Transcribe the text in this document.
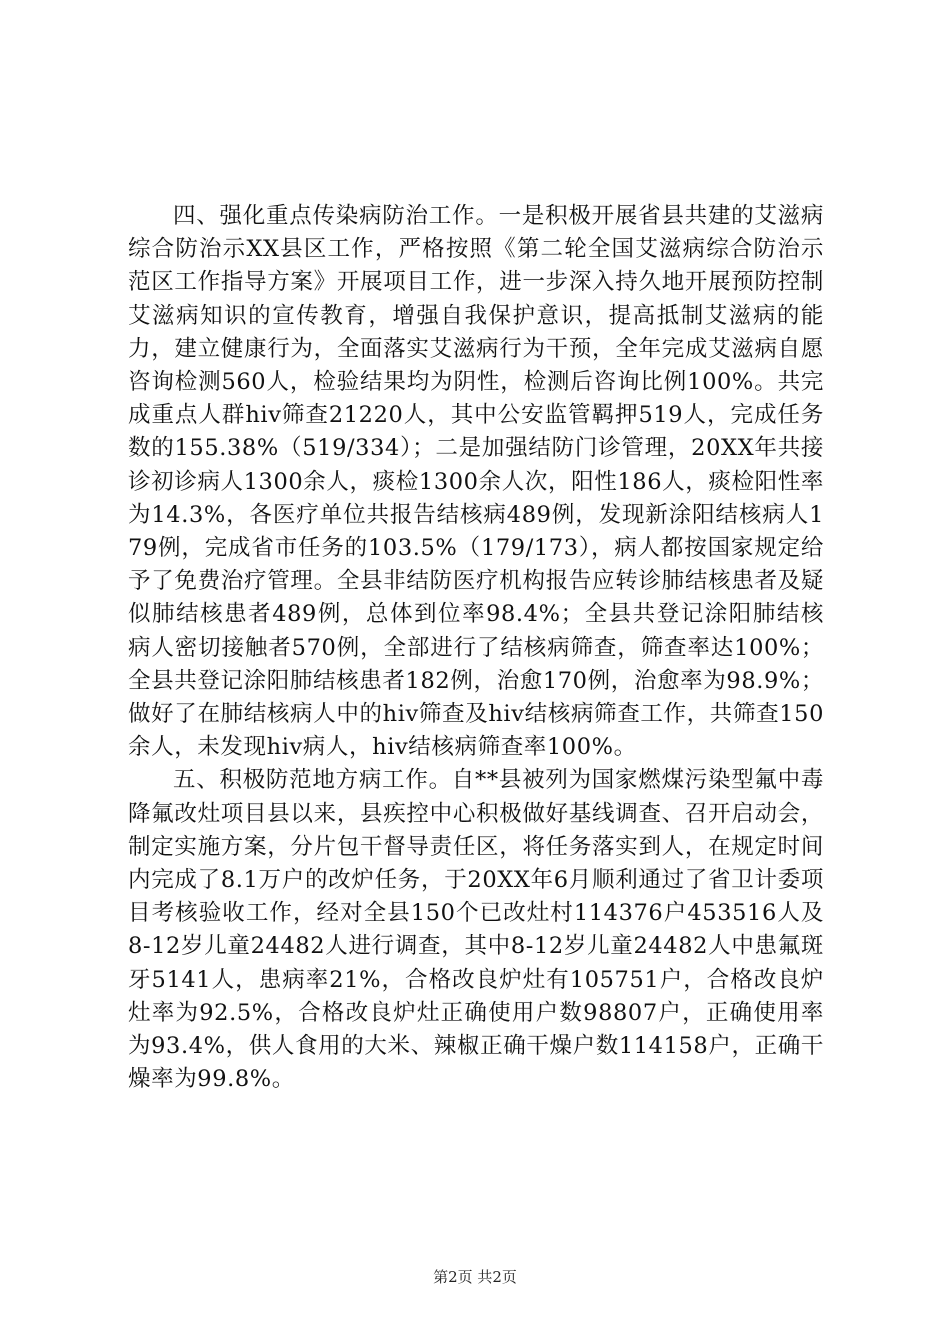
四、强化重点传染病防治工作。一是积极开展省县共建的艾滋病综合防治示XX县区工作，严格按照《第二轮全国艾滋病综合防治示范区工作指导方案》开展项目工作，进一步深入持久地开展预防控制艾滋病知识的宣传教育，增强自我保护意识，提高抵制艾滋病的能力，建立健康行为，全面落实艾滋病行为干预，全年完成艾滋病自愿咨询检测560人，检验结果均为阴性，检测后咨询比例100%。共完成重点人群hiv筛查21220人，其中公安监管羁押519人，完成任务数的155.38%（519/334）；二是加强结防门诊管理，20XX年共接诊初诊病人1300余人，痰检1300余人次，阳性186人，痰检阳性率为14.3%，各医疗单位共报告结核病489例，发现新涂阳结核病人179例，完成省市任务的103.5%（179/173），病人都按国家规定给予了免费治疗管理。全县非结防医疗机构报告应转诊肺结核患者及疑似肺结核患者489例，总体到位率98.4%；全县共登记涂阳肺结核病人密切接触者570例，全部进行了结核病筛查，筛查率达100%；全县共登记涂阳肺结核患者182例，治愈170例，治愈率为98.9%；做好了在肺结核病人中的hiv筛查及hiv结核病筛查工作，共筛查150余人，未发现hiv病人，hiv结核病筛查率100%。

五、积极防范地方病工作。自**县被列为国家燃煤污染型氟中毒降氟改灶项目县以来，县疾控中心积极做好基线调查、召开启动会，制定实施方案，分片包干督导责任区，将任务落实到人，在规定时间内完成了8.1万户的改炉任务，于20XX年6月顺利通过了省卫计委项目考核验收工作，经对全县150个已改灶村114376户453516人及8-12岁儿童24482人进行调查，其中8-12岁儿童24482人中患氟斑牙5141人，患病率21%，合格改良炉灶有105751户，合格改良炉灶率为92.5%，合格改良炉灶正确使用户数98807户，正确使用率为93.4%，供人食用的大米、辣椒正确干燥户数114158户，正确干燥率为99.8%。

第2页 共2页
